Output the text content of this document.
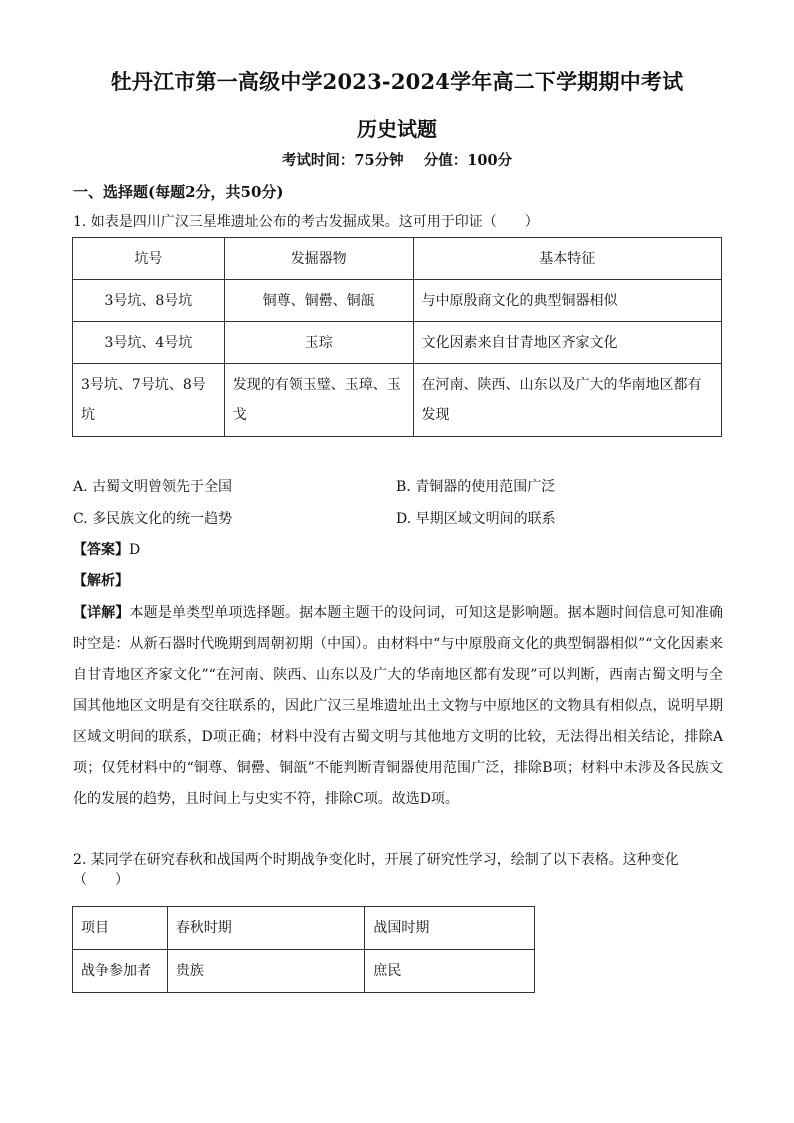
牡丹江市第一高级中学2023-2024学年高二下学期期中考试
历史试题
考试时间：75分钟 分值：100分
一、选择题(每题2分，共50分)
1. 如表是四川广汉三星堆遗址公布的考古发掘成果。这可用于印证（　　）
坑号	发掘器物	基本特征
3号坑、8号坑	铜尊、铜罍、铜瓿	与中原殷商文化的典型铜器相似
3号坑、4号坑	玉琮	文化因素来自甘青地区齐家文化
3号坑、7号坑、8号坑	发现的有领玉璧、玉璋、玉戈	在河南、陕西、山东以及广大的华南地区都有发现
A. 古蜀文明曾领先于全国	B. 青铜器的使用范围广泛
C. 多民族文化的统一趋势	D. 早期区域文明间的联系
【答案】D
【解析】
【详解】本题是单类型单项选择题。据本题主题干的设问词，可知这是影响题。据本题时间信息可知准确时空是：从新石器时代晚期到周朝初期（中国）。由材料中“与中原殷商文化的典型铜器相似”“文化因素来自甘青地区齐家文化”“在河南、陕西、山东以及广大的华南地区都有发现”可以判断，西南古蜀文明与全国其他地区文明是有交往联系的，因此广汉三星堆遗址出土文物与中原地区的文物具有相似点，说明早期区域文明间的联系，D项正确；材料中没有古蜀文明与其他地方文明的比较，无法得出相关结论，排除A项；仅凭材料中的“铜尊、铜罍、铜瓿”不能判断青铜器使用范围广泛，排除B项；材料中未涉及各民族文化的发展的趋势，且时间上与史实不符，排除C项。故选D项。
2. 某同学在研究春秋和战国两个时期战争变化时，开展了研究性学习，绘制了以下表格。这种变化（　　）
项目	春秋时期	战国时期
战争参加者	贵族	庶民
